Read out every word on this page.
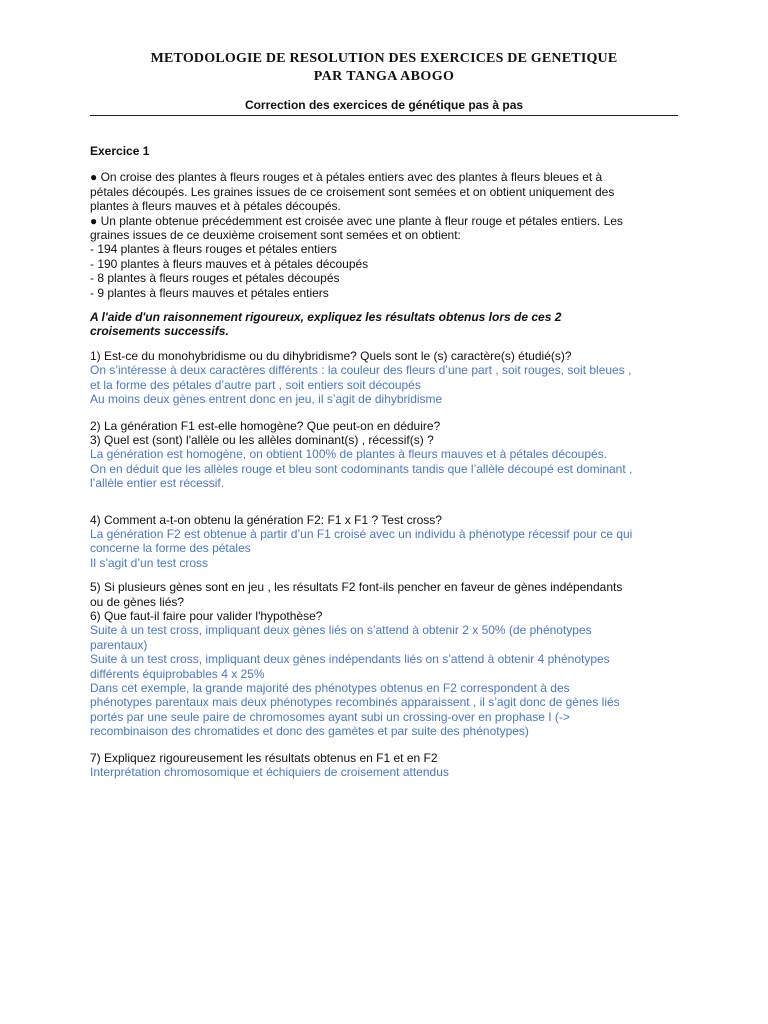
METODOLOGIE DE RESOLUTION DES EXERCICES DE GENETIQUE
PAR TANGA ABOGO
Correction des exercices de génétique pas à pas

Exercice 1

● On croise des plantes à fleurs rouges et à pétales entiers avec des plantes à fleurs bleues et à

pétales découpés. Les graines issues de ce croisement sont semées et on obtient uniquement des

plantes à fleurs mauves et à pétales découpés.

● Un plante obtenue précédemment est croisée avec une plante à fleur rouge et pétales entiers. Les

graines issues de ce deuxième croisement sont semées et on obtient:

- 194 plantes à fleurs rouges et pétales entiers

- 190 plantes à fleurs mauves et à pétales découpés

- 8 plantes à fleurs rouges et pétales découpés

- 9 plantes à fleurs mauves et pétales entiers

A l'aide d'un raisonnement rigoureux, expliquez les résultats obtenus lors de ces 2

croisements successifs.

1) Est-ce du monohybridisme ou du dihybridisme? Quels sont le (s) caractère(s) étudié(s)?

On s’intéresse à deux caractères différents : la couleur des fleurs d’une part , soit rouges, soit bleues ,

et la forme des pétales d’autre part , soit entiers soit découpés

Au moins deux gènes entrent donc en jeu, il s’agit de dihybridisme

2) La génération F1 est-elle homogène? Que peut-on en déduire?

3) Quel est (sont) l'allèle ou les allèles dominant(s) , récessif(s) ?

La génération est homogène, on obtient 100% de plantes à fleurs mauves et à pétales découpés.

On en déduit que les allèles rouge et bleu sont codominants tandis que l’allèle découpé est dominant ,

l’allèle entier est récessif.

4) Comment a-t-on obtenu la génération F2: F1 x F1 ? Test cross?

La génération F2 est obtenue à partir d’un F1 croisé avec un individu à phénotype récessif pour ce qui

concerne la forme des pétales

Il s’agit d’un test cross

5) Si plusieurs gènes sont en jeu , les résultats F2 font-ils pencher en faveur de gènes indépendants

ou de gènes liés?

6) Que faut-il faire pour valider l'hypothèse?

Suite à un test cross, impliquant deux gènes liés on s’attend à obtenir 2 x 50% (de phénotypes

parentaux)

Suite à un test cross, impliquant deux gènes indépendants liés on s’attend à obtenir 4 phénotypes

différents équiprobables 4 x 25%

Dans cet exemple, la grande majorité des phénotypes obtenus en F2 correspondent à des

phénotypes parentaux mais deux phénotypes recombinés apparaissent , il s’agit donc de gènes liés

portés par une seule paire de chromosomes ayant subi un crossing-over en prophase I (->

recombinaison des chromatides et donc des gamètes et par suite des phénotypes)

7) Expliquez rigoureusement les résultats obtenus en F1 et en F2

Interprétation chromosomique et échiquiers de croisement attendus
